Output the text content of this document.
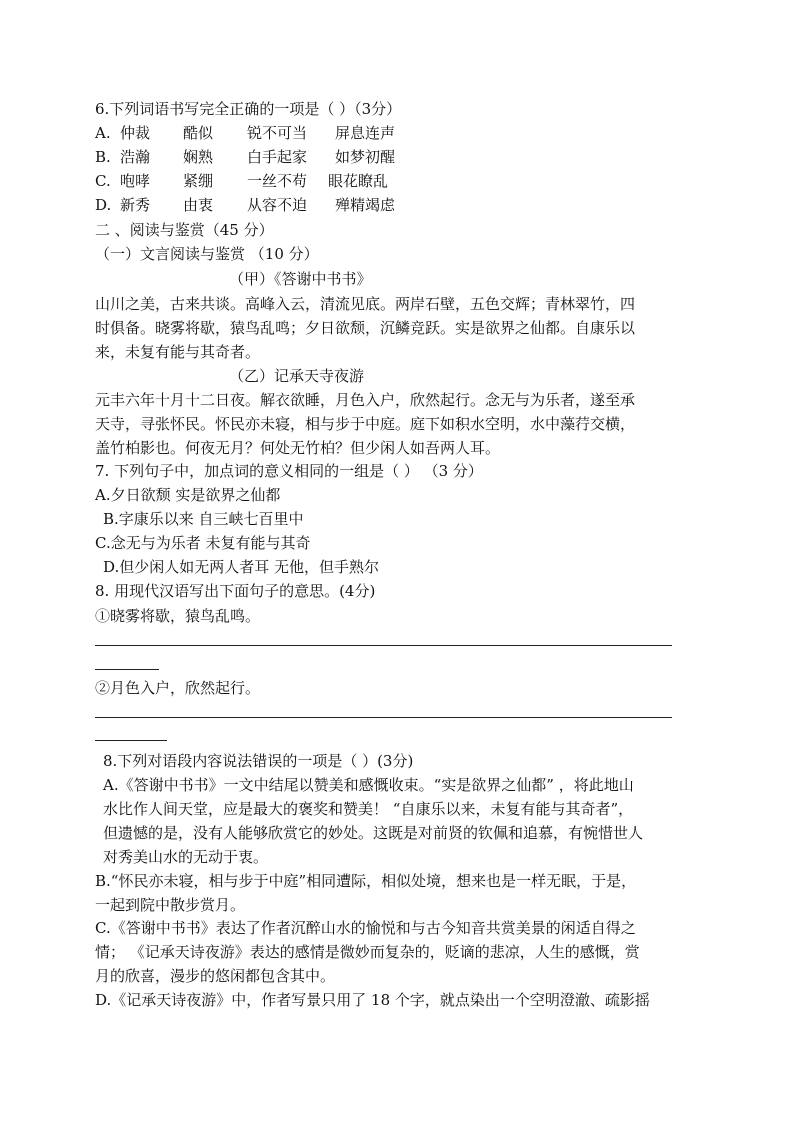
6.下列词语书写完全正确的一项是（ ）（3分）
A. 仲裁 酷似 锐不可当 屏息连声
B. 浩瀚 娴熟 白手起家 如梦初醒
C. 咆哮 紧绷 一丝不苟 眼花瞭乱
D. 新秀 由衷 从容不迫 殚精竭虑
二 、阅读与鉴赏（45 分）
（一）文言阅读与鉴赏 （10 分）
（甲）《答谢中书书》
山川之美，古来共谈。高峰入云，清流见底。两岸石壁，五色交辉；青林翠竹，四
时俱备。晓雾将歇，猿鸟乱鸣；夕日欲颓，沉鳞竞跃。实是欲界之仙都。自康乐以
来，未复有能与其奇者。
（乙）记承天寺夜游
元丰六年十月十二日夜。解衣欲睡，月色入户，欣然起行。念无与为乐者，遂至承
天寺，寻张怀民。怀民亦未寝，相与步于中庭。庭下如积水空明，水中藻荇交横，
盖竹柏影也。何夜无月？何处无竹柏？但少闲人如吾两人耳。
7. 下列句子中，加点词的意义相同的一组是（ ） （3 分）
A.夕日欲颓 实是欲界之仙都
B.字康乐以来 自三峡七百里中
C.念无与为乐者 未复有能与其奇
D.但少闲人如无两人者耳 无他，但手熟尔
8. 用现代汉语写出下面句子的意思。(4分)
①晓雾将歇，猿鸟乱鸣。
②月色入户，欣然起行。
8.下列对语段内容说法错误的一项是（ ）(3分)
A.《答谢中书书》一文中结尾以赞美和感慨收束。“实是欲界之仙都” ，将此地山
水比作人间天堂，应是最大的褒奖和赞美！ “自康乐以来，未复有能与其奇者”，
但遗憾的是，没有人能够欣赏它的妙处。这既是对前贤的钦佩和追慕，有惋惜世人
对秀美山水的无动于衷。
B.“怀民亦未寝，相与步于中庭”相同遭际，相似处境，想来也是一样无眠，于是，
一起到院中散步赏月。
C.《答谢中书书》表达了作者沉醉山水的愉悦和与古今知音共赏美景的闲适自得之
情； 《记承天诗夜游》表达的感情是微妙而复杂的，贬谪的悲凉，人生的感慨，赏
月的欣喜，漫步的悠闲都包含其中。
D.《记承天诗夜游》中，作者写景只用了 18 个字，就点染出一个空明澄澈、疏影摇
